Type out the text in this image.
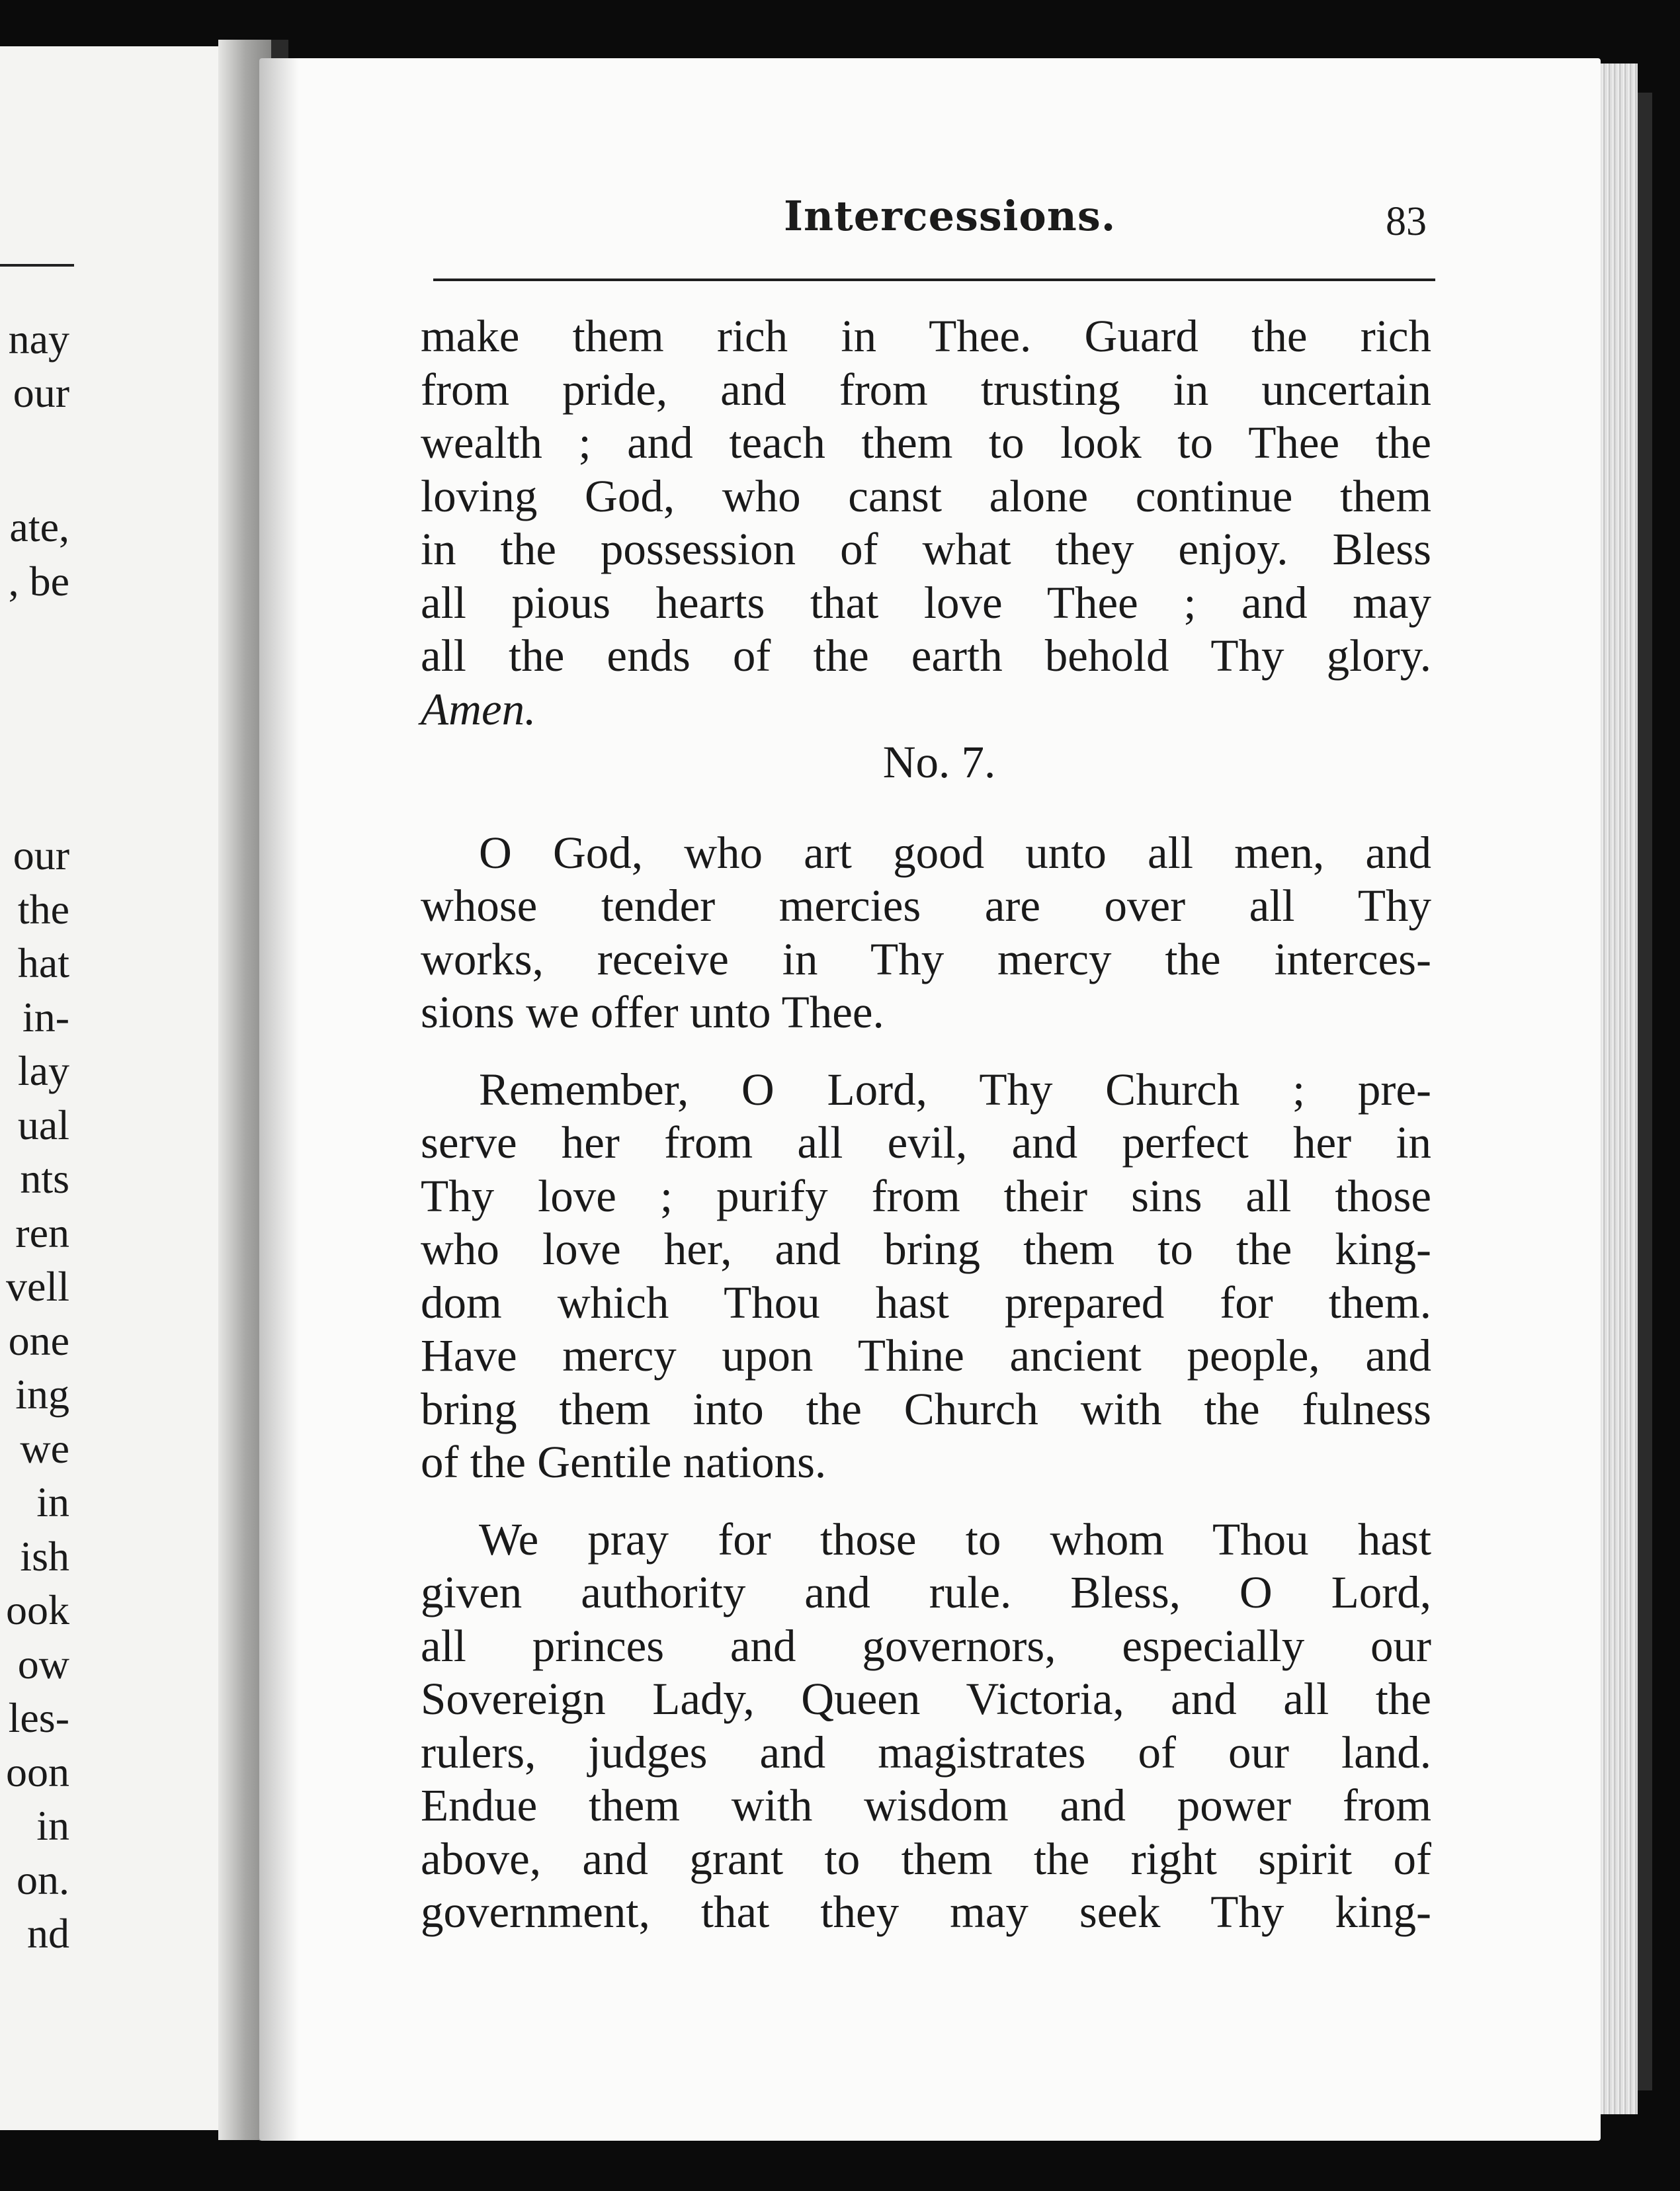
nay
our
ate,
, be
our
the
hat
in-
lay
ual
nts
ren
vell
one
ing
we
in
ish
ook
ow
les-
oon
in
on.
nd
Intercessions.	83
make them rich in Thee. Guard the rich
from pride, and from trusting in uncertain
wealth ; and teach them to look to Thee the
loving God, who canst alone continue them
in the possession of what they enjoy. Bless
all pious hearts that love Thee ; and may
all the ends of the earth behold Thy glory.
Amen.
No. 7.
O God, who art good unto all men, and
whose tender mercies are over all Thy
works, receive in Thy mercy the interces-
sions we offer unto Thee.
Remember, O Lord, Thy Church ; pre-
serve her from all evil, and perfect her in
Thy love ; purify from their sins all those
who love her, and bring them to the king-
dom which Thou hast prepared for them.
Have mercy upon Thine ancient people, and
bring them into the Church with the fulness
of the Gentile nations.
We pray for those to whom Thou hast
given authority and rule. Bless, O Lord,
all princes and governors, especially our
Sovereign Lady, Queen Victoria, and all the
rulers, judges and magistrates of our land.
Endue them with wisdom and power from
above, and grant to them the right spirit of
government, that they may seek Thy king-
